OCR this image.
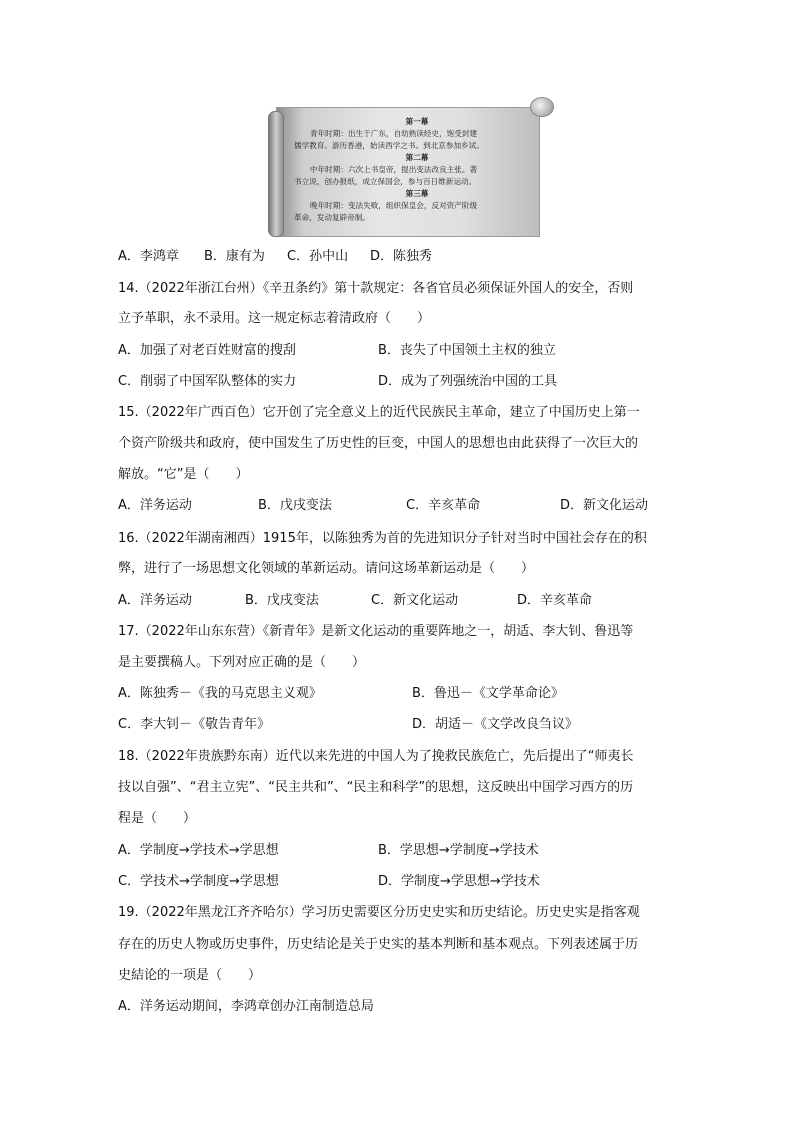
第一幕
青年时期：出生于广东，自幼熟读经史，饱受封建
儒学教育。游历香港，始读西学之书。到北京参加乡试。
第二幕
中年时期：六次上书皇帝，提出变法改良主张。著
书立说，创办报纸，成立保国会，参与百日维新运动。
第三幕
晚年时期：变法失败，组织保皇会，反对资产阶级
革命，发动复辟帝制。
A．李鸿章 B．康有为 C．孙中山 D．陈独秀
14.（2022年浙江台州）《辛丑条约》第十款规定：各省官员必须保证外国人的安全，否则
立予革职，永不录用。这一规定标志着清政府（　　）
A．加强了对老百姓财富的搜刮	B．丧失了中国领土主权的独立
C．削弱了中国军队整体的实力	D．成为了列强统治中国的工具
15.（2022年广西百色）它开创了完全意义上的近代民族民主革命，建立了中国历史上第一
个资产阶级共和政府，使中国发生了历史性的巨变，中国人的思想也由此获得了一次巨大的
解放。“它”是（　　）
A．洋务运动	B．戊戌变法	C．辛亥革命	D．新文化运动
16.（2022年湖南湘西）1915年，以陈独秀为首的先进知识分子针对当时中国社会存在的积
弊，进行了一场思想文化领域的革新运动。请问这场革新运动是（　　）
A．洋务运动	B．戊戌变法	C．新文化运动	D．辛亥革命
17.（2022年山东东营）《新青年》是新文化运动的重要阵地之一，胡适、李大钊、鲁迅等
是主要撰稿人。下列对应正确的是（　　）
A．陈独秀－《我的马克思主义观》	B．鲁迅－《文学革命论》
C．李大钊－《敬告青年》	D．胡适－《文学改良刍议》
18.（2022年贵族黔东南）近代以来先进的中国人为了挽救民族危亡，先后提出了“师夷长
技以自强”、“君主立宪”、“民主共和”、“民主和科学”的思想，这反映出中国学习西方的历
程是（　　）
A．学制度→学技术→学思想	B．学思想→学制度→学技术
C．学技术→学制度→学思想	D．学制度→学思想→学技术
19.（2022年黑龙江齐齐哈尔）学习历史需要区分历史史实和历史结论。历史史实是指客观
存在的历史人物或历史事件，历史结论是关于史实的基本判断和基本观点。下列表述属于历
史結论的一项是（　　）
A．洋务运动期间，李鸿章创办江南制造总局
